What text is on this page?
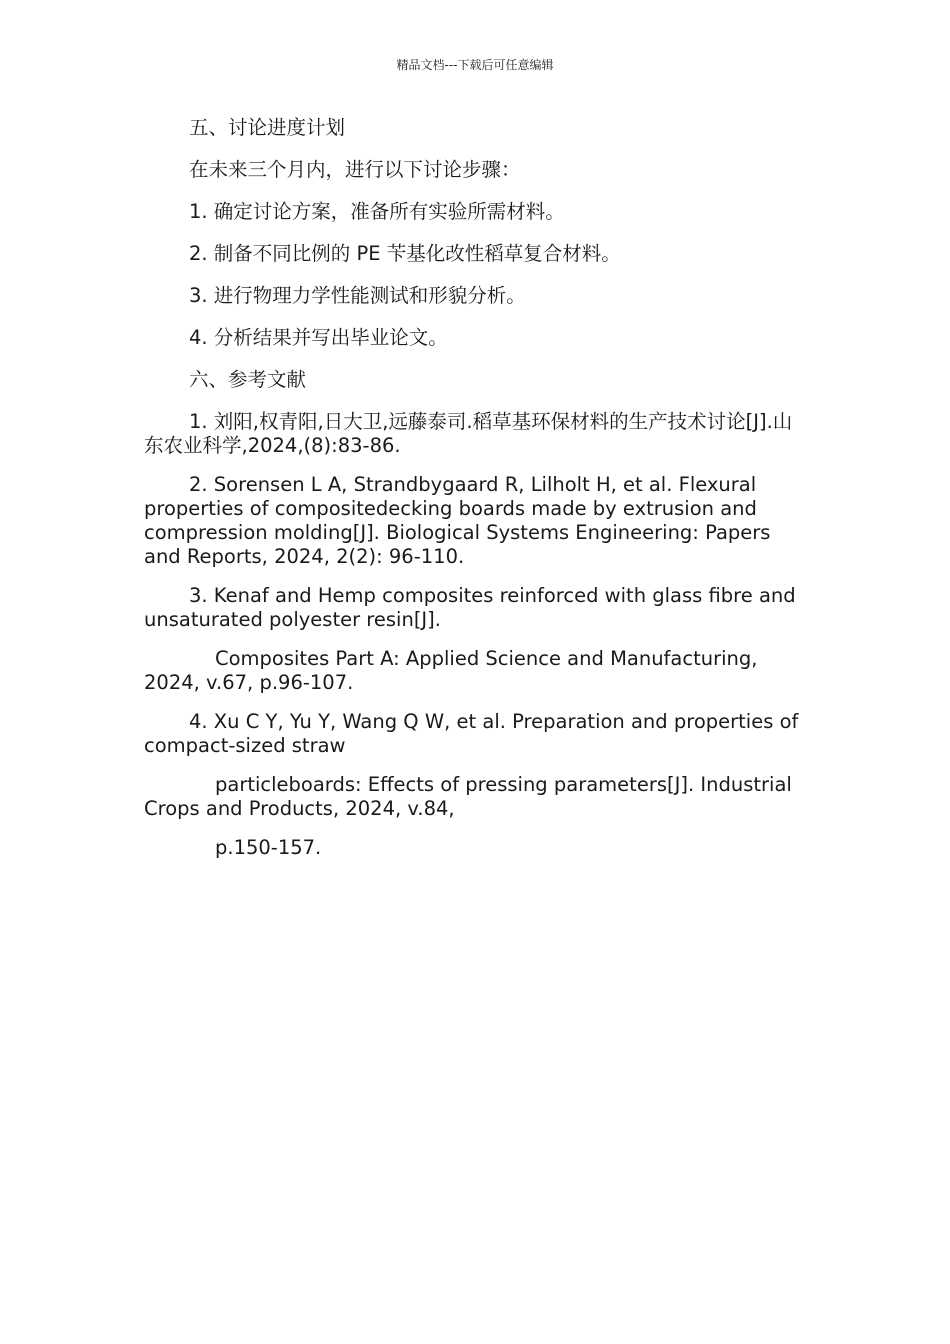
精品文档---下载后可任意编辑

五、讨论进度计划

在未来三个月内，进行以下讨论步骤：

1. 确定讨论方案，准备所有实验所需材料。

2. 制备不同比例的 PE 苄基化改性稻草复合材料。

3. 进行物理力学性能测试和形貌分析。

4. 分析结果并写出毕业论文。

六、参考文献

1. 刘阳,权青阳,日大卫,远藤泰司.稻草基环保材料的生产技术讨论[J].山东农业科学,2024,(8):83-86.

2. Sorensen L A, Strandbygaard R, Lilholt H, et al. Flexural properties of compositedecking boards made by extrusion and compression molding[J]. Biological Systems Engineering: Papers and Reports, 2024, 2(2): 96-110.

3. Kenaf and Hemp composites reinforced with glass fibre and unsaturated polyester resin[J].

Composites Part A: Applied Science and Manufacturing, 2024, v.67, p.96-107.

4. Xu C Y, Yu Y, Wang Q W, et al. Preparation and properties of compact-sized straw

particleboards: Effects of pressing parameters[J]. Industrial Crops and Products, 2024, v.84,

p.150-157.
